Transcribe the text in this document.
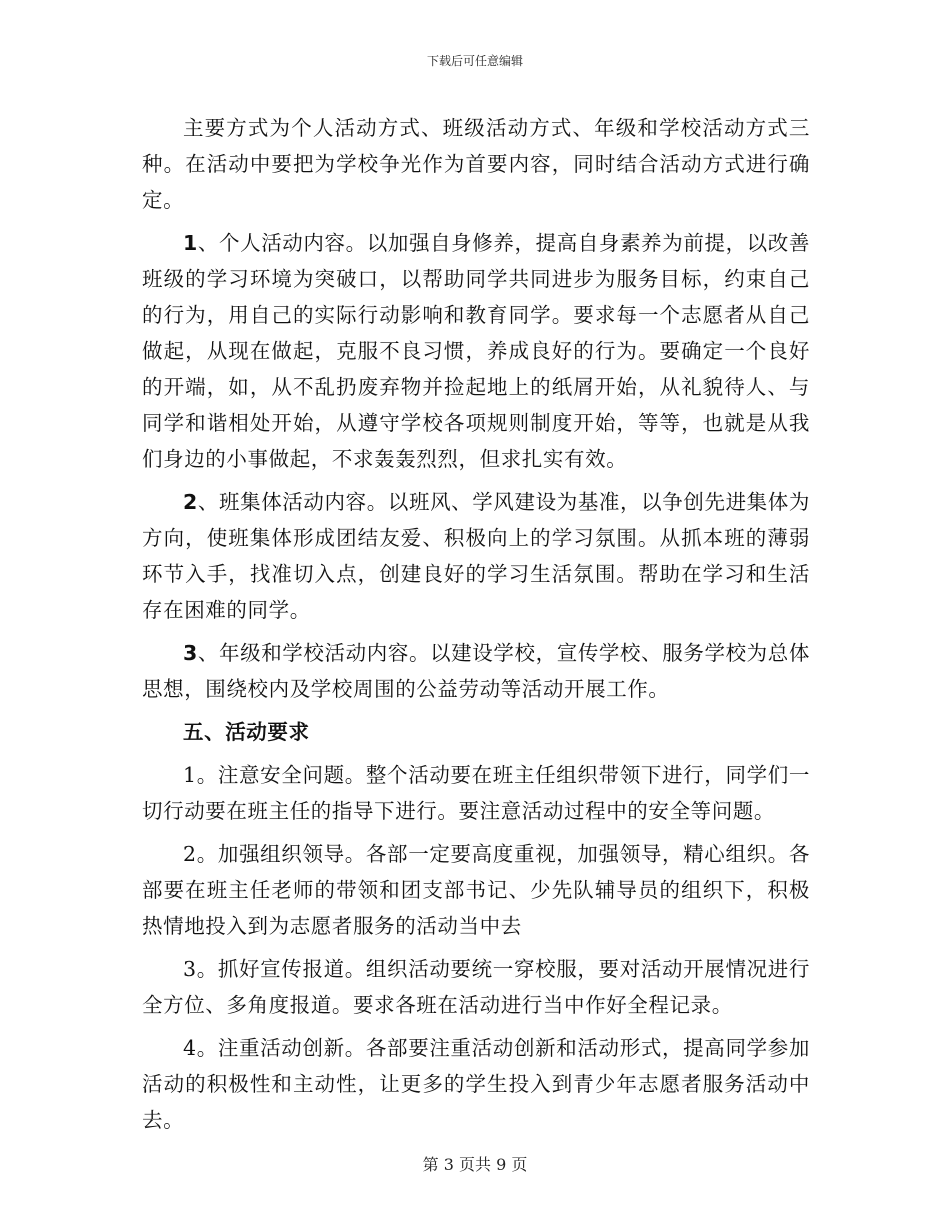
下载后可任意编辑

主要方式为个人活动方式、班级活动方式、年级和学校活动方式三种。在活动中要把为学校争光作为首要内容，同时结合活动方式进行确定。

1、个人活动内容。以加强自身修养，提高自身素养为前提，以改善班级的学习环境为突破口，以帮助同学共同进步为服务目标，约束自己的行为，用自己的实际行动影响和教育同学。要求每一个志愿者从自己做起，从现在做起，克服不良习惯，养成良好的行为。要确定一个良好的开端，如，从不乱扔废弃物并捡起地上的纸屑开始，从礼貌待人、与同学和谐相处开始，从遵守学校各项规则制度开始，等等，也就是从我们身边的小事做起，不求轰轰烈烈，但求扎实有效。

2、班集体活动内容。以班风、学风建设为基准，以争创先进集体为方向，使班集体形成团结友爱、积极向上的学习氛围。从抓本班的薄弱环节入手，找准切入点，创建良好的学习生活氛围。帮助在学习和生活存在困难的同学。

3、年级和学校活动内容。以建设学校，宣传学校、服务学校为总体思想，围绕校内及学校周围的公益劳动等活动开展工作。

五、活动要求

1。注意安全问题。整个活动要在班主任组织带领下进行，同学们一切行动要在班主任的指导下进行。要注意活动过程中的安全等问题。

2。加强组织领导。各部一定要高度重视，加强领导，精心组织。各部要在班主任老师的带领和团支部书记、少先队辅导员的组织下，积极热情地投入到为志愿者服务的活动当中去

3。抓好宣传报道。组织活动要统一穿校服，要对活动开展情况进行全方位、多角度报道。要求各班在活动进行当中作好全程记录。

4。注重活动创新。各部要注重活动创新和活动形式，提高同学参加活动的积极性和主动性，让更多的学生投入到青少年志愿者服务活动中去。

第 3 页共 9 页
